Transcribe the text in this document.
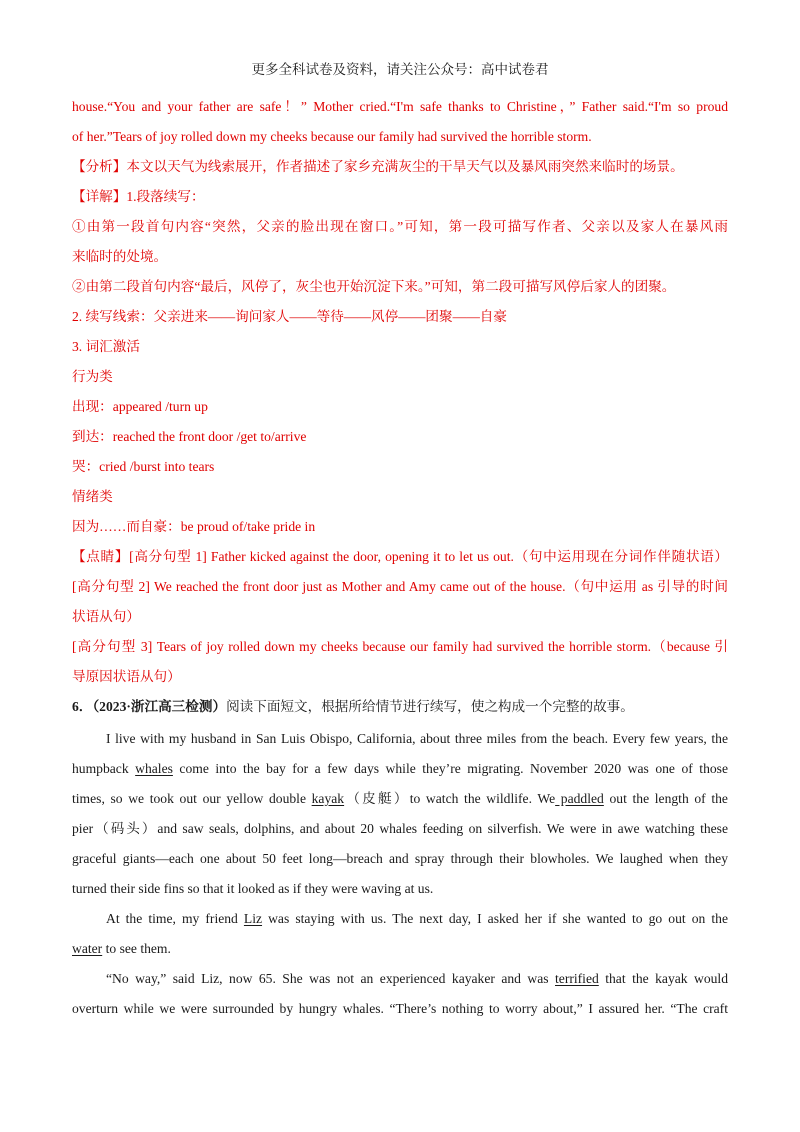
更多全科试卷及资料，请关注公众号：高中试卷君
house.“You and your father are safe！” Mother cried.“I'm safe thanks to Christine，” Father said.“I'm so proud
of her.”Tears of joy rolled down my cheeks because our family had survived the horrible storm.
【分析】本文以天气为线索展开，作者描述了家乡充满灰尘的干旱天气以及暴风雨突然来临时的场景。
【详解】1.段落续写：
①由第一段首句内容“突然，父亲的脸出现在窗口。”可知，第一段可描写作者、父亲以及家人在暴风雨
来临时的处境。
②由第二段首句内容“最后，风停了，灰尘也开始沉淀下来。”可知，第二段可描写风停后家人的团聚。
2. 续写线索：父亲进来——询问家人——等待——风停——团聚——自豪
3. 词汇激活
行为类
出现：appeared /turn up
到达：reached the front door /get to/arrive
哭：cried /burst into tears
情绪类
因为……而自豪：be proud of/take pride in
【点睛】[高分句型 1] Father kicked against the door, opening it to let us out.（句中运用现在分词作伴随状语）
[高分句型 2] We reached the front door just as Mother and Amy came out of the house.（句中运用 as 引导的时间
状语从句）
[高分句型 3] Tears of joy rolled down my cheeks because our family had survived the horrible storm.（because 引
导原因状语从句）
6．（2023·浙江高三检测）阅读下面短文，根据所给情节进行续写，使之构成一个完整的故事。
I live with my husband in San Luis Obispo, California, about three miles from the beach. Every few years, the
humpback whales come into the bay for a few days while they’re migrating. November 2020 was one of those
times, so we took out our yellow double kayak（皮艇）to watch the wildlife. We paddled out the length of the
pier（码头）and saw seals, dolphins, and about 20 whales feeding on silverfish. We were in awe watching these
graceful giants—each one about 50 feet long—breach and spray through their blowholes. We laughed when they
turned their side fins so that it looked as if they were waving at us.
At the time, my friend Liz was staying with us. The next day, I asked her if she wanted to go out on the
water to see them.
“No way,” said Liz, now 65. She was not an experienced kayaker and was terrified that the kayak would
overturn while we were surrounded by hungry whales. “There’s nothing to worry about,” I assured her. “The craft
